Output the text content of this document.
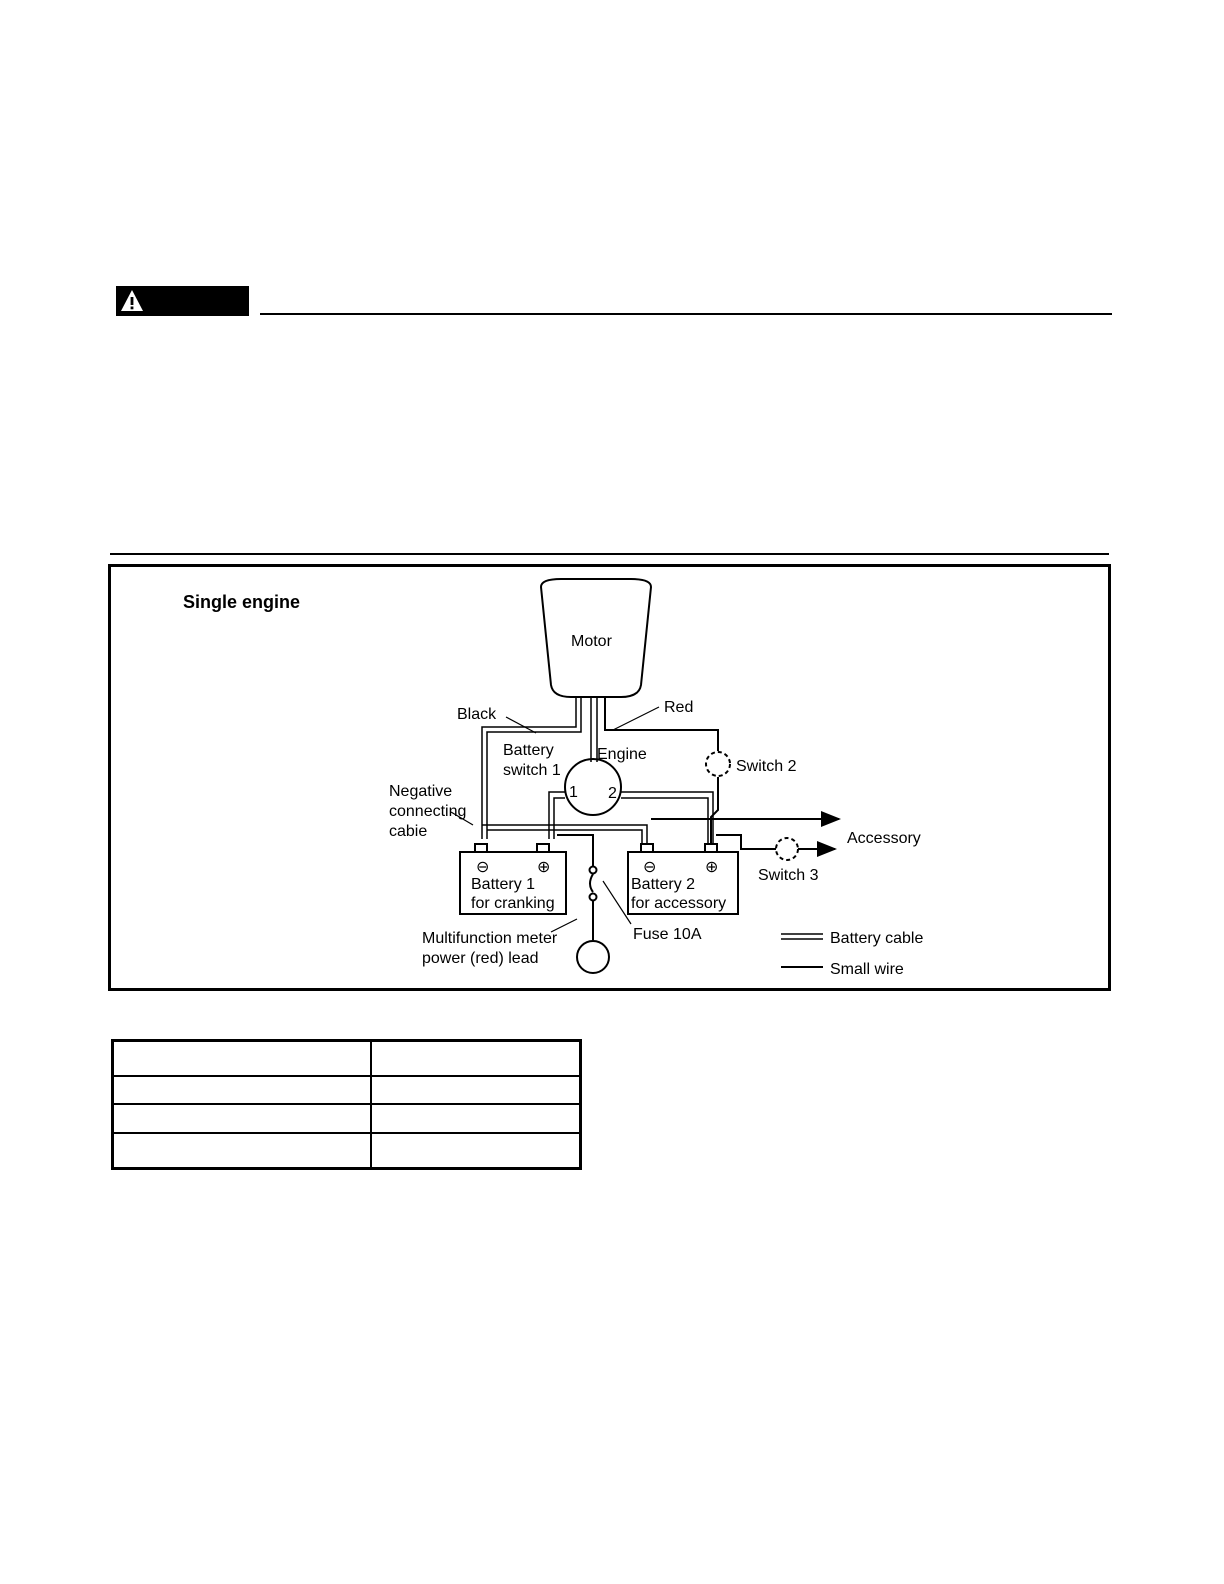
Single engine
Motor
Black	Red
Battery switch 1
Engine
Switch 2
Negative connecting cabie
1 2
Accessory
Switch 3
⊖	⊕	⊖	⊕
Battery 1 for cranking
Battery 2 for accessory
Fuse 10A
Multifunction meter power (red) lead
Battery cable
Small wire
